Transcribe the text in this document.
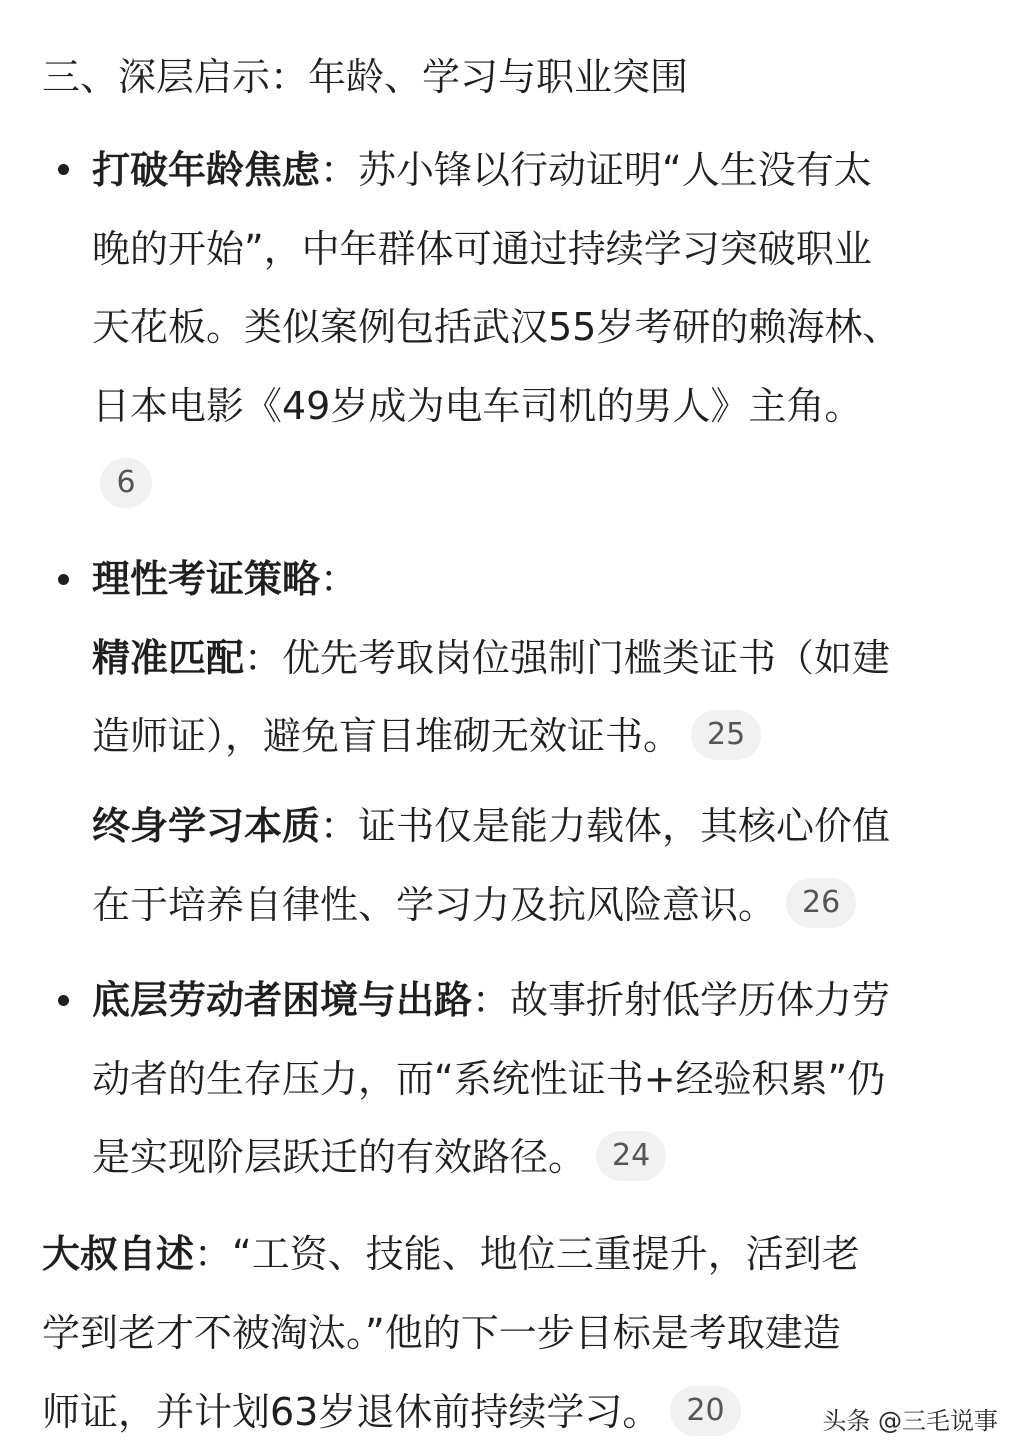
三、深层启示：年龄、学习与职业突围
打破年龄焦虑：苏小锋以行动证明“人生没有太
晚的开始”，中年群体可通过持续学习突破职业
天花板。类似案例包括武汉55岁考研的赖海林、
日本电影《49岁成为电车司机的男人》主角。
6
理性考证策略：
精准匹配：优先考取岗位强制门槛类证书（如建
造师证），避免盲目堆砌无效证书。 25
终身学习本质：证书仅是能力载体，其核心价值
在于培养自律性、学习力及抗风险意识。 26
底层劳动者困境与出路：故事折射低学历体力劳
动者的生存压力，而“系统性证书+经验积累”仍
是实现阶层跃迁的有效路径。 24
大叔自述：“工资、技能、地位三重提升，活到老
学到老才不被淘汰。”他的下一步目标是考取建造
师证，并计划63岁退休前持续学习。 20	头条 @三毛说事
